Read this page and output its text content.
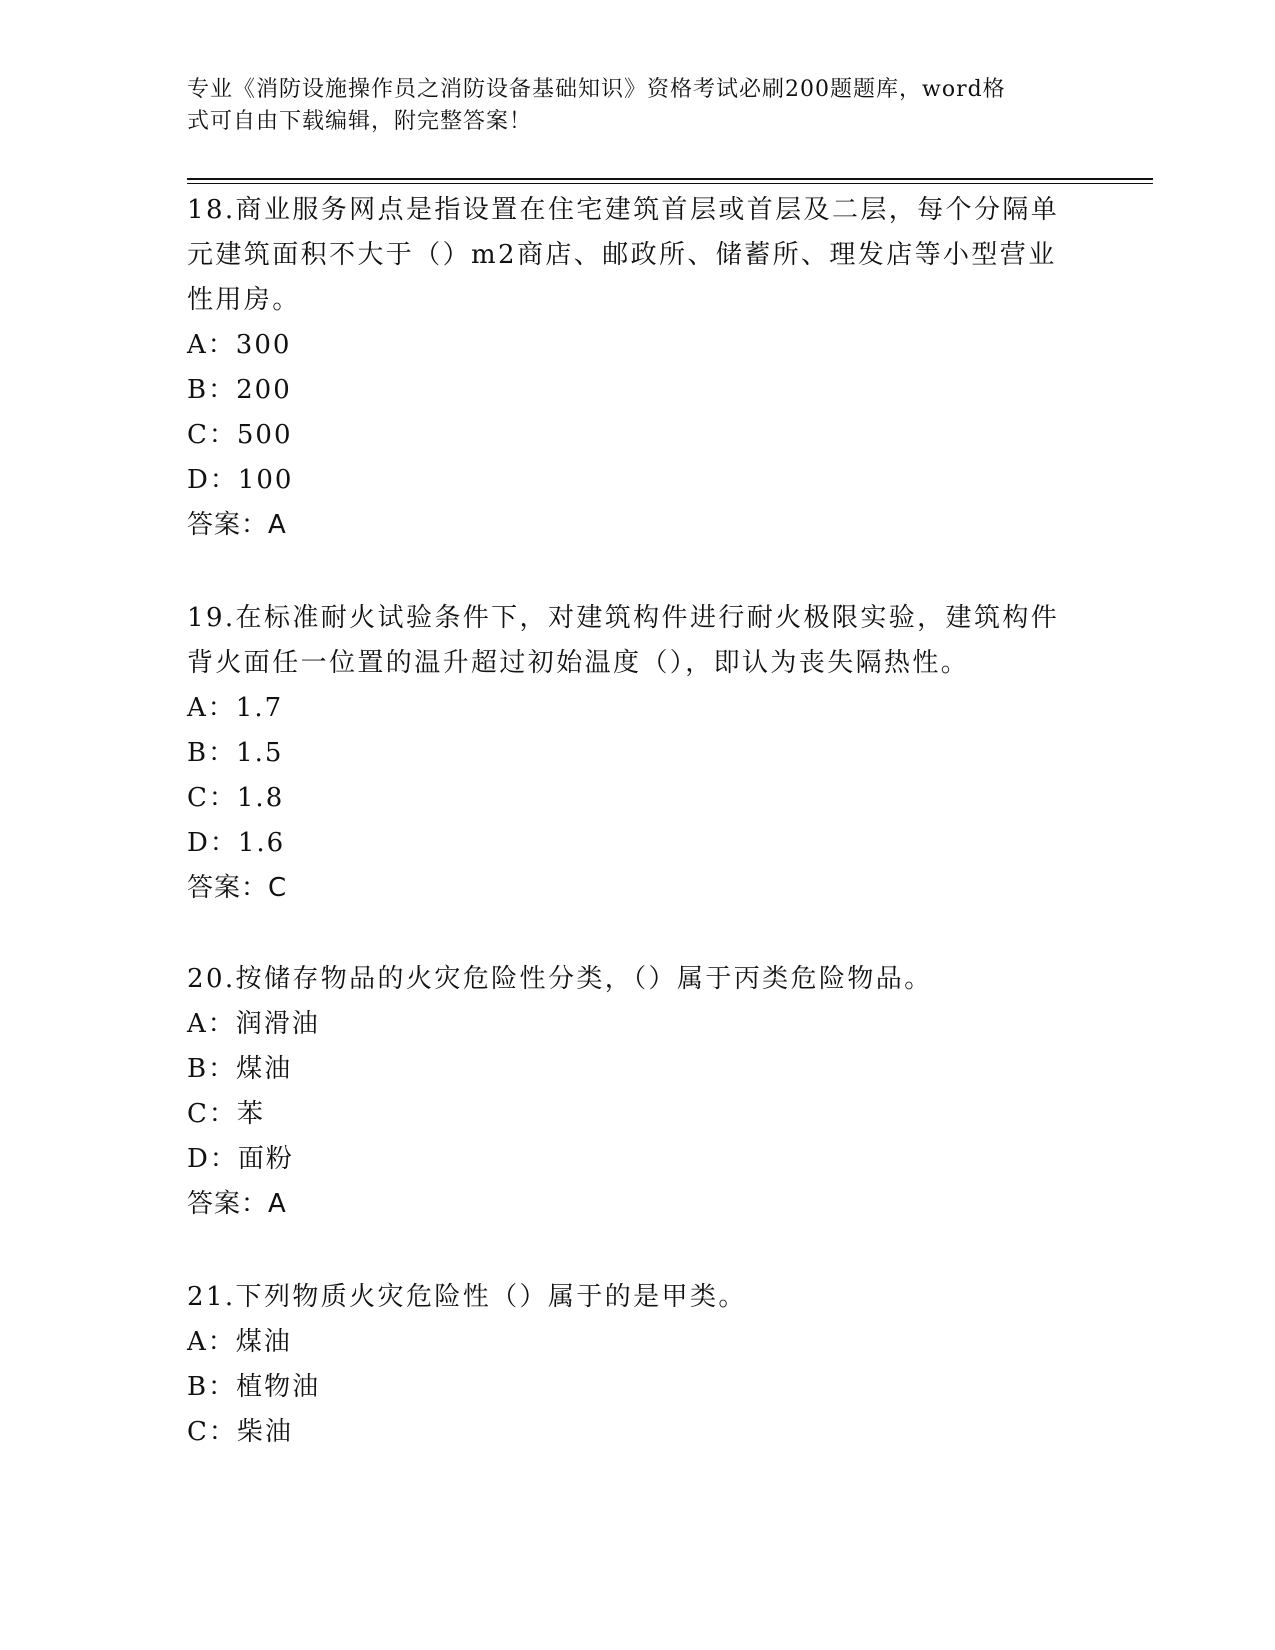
专业《消防设施操作员之消防设备基础知识》资格考试必刷200题题库，word格
式可自由下载编辑，附完整答案！

18.商业服务网点是指设置在住宅建筑首层或首层及二层，每个分隔单元建筑面积不大于（）m2商店、邮政所、储蓄所、理发店等小型营业性用房。

A：300

B：200

C：500

D：100

答案：A

19.在标准耐火试验条件下，对建筑构件进行耐火极限实验，建筑构件背火面任一位置的温升超过初始温度（），即认为丧失隔热性。

A：1.7

B：1.5

C：1.8

D：1.6

答案：C

20.按储存物品的火灾危险性分类，（）属于丙类危险物品。

A：润滑油

B：煤油

C：苯

D：面粉

答案：A

21.下列物质火灾危险性（）属于的是甲类。

A：煤油

B：植物油

C：柴油
